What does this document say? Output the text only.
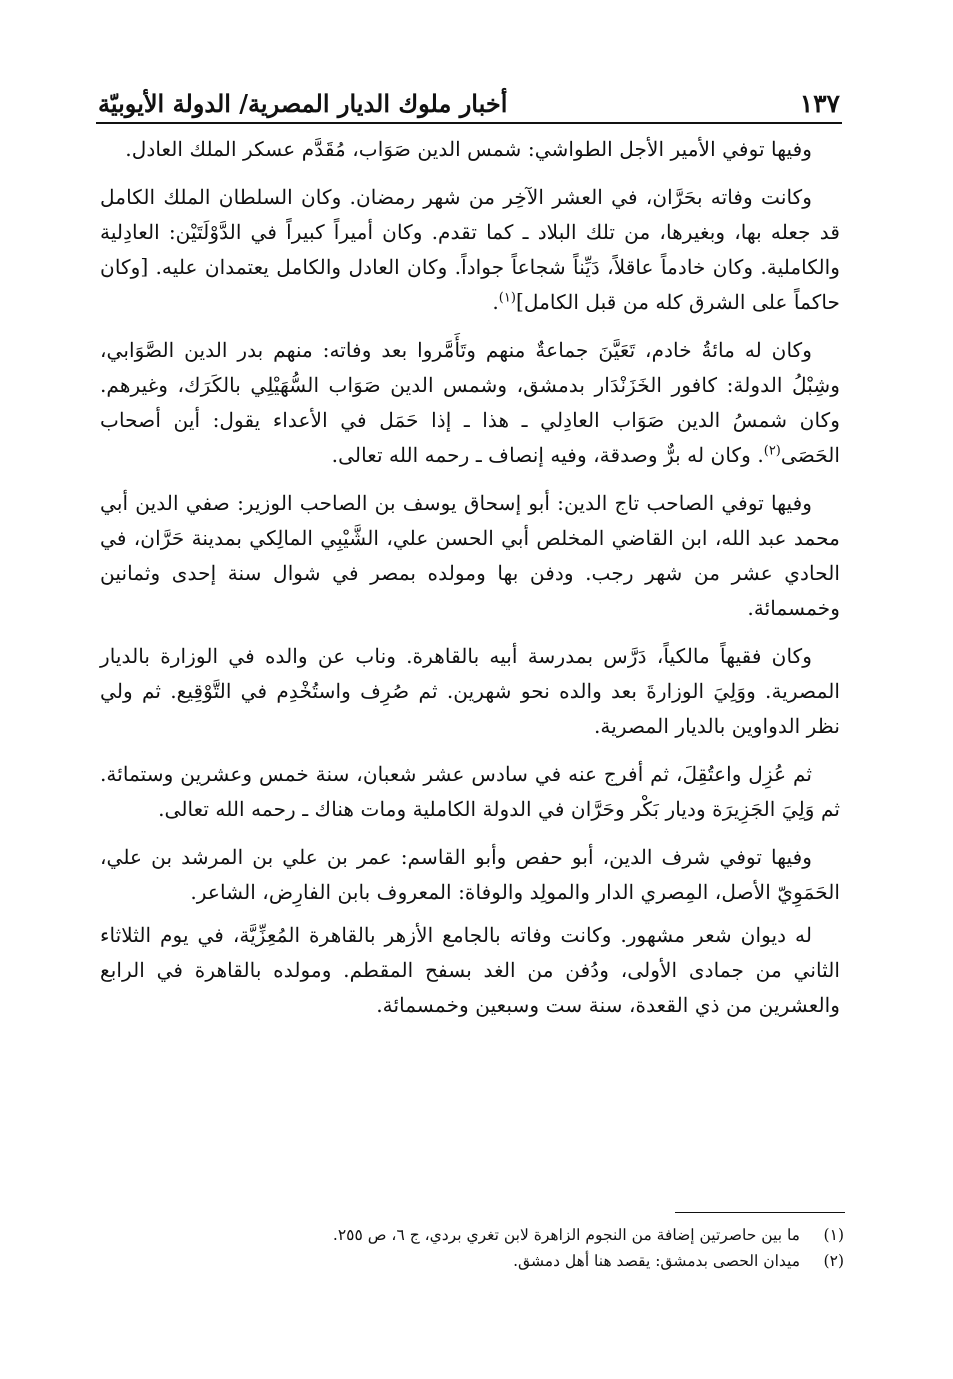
أخبار ملوك الديار المصرية/ الدولة الأيوبيّة	١٣٧

وفيها توفي الأمير الأجل الطواشي: شمس الدين صَوَاب، مُقَدَّم عسكر الملك العادل.

وكانت وفاته بحَرَّان، في العشر الآخِر من شهر رمضان. وكان السلطان الملك الكامل قد جعله بها، وبغيرها، من تلك البلاد ـ كما تقدم. وكان أميراً كبيراً في الدَّوْلَتَيْن: العادِلية والكاملية. وكان خادماً عاقلاً، دَيِّناً شجاعاً جواداً. وكان العادل والكامل يعتمدان عليه. [وكان حاكماً على الشرق كله من قبل الكامل]$^{(١)}$.

وكان له مائةُ خادم، تَعَيَّنَ جماعةٌ منهم وتَأَمَّروا بعد وفاته: منهم بدر الدين الصَّوَابي، وشِبْلُ الدولة: كافور الخَزَنْدَار بدمشق، وشمس الدين صَوَاب السُّهَيْلِي بالكَرَك، وغيرهم. وكان شمسُ الدين صَوَاب العادِلي ـ هذا ـ إذا حَمَل في الأعداء يقول: أين أصحاب الحَصَى$^{(٢)}$. وكان له برٌّ وصدقة، وفيه إنصاف ـ رحمه الله تعالى.

وفيها توفي الصاحب تاج الدين: أبو إسحاق يوسف بن الصاحب الوزير: صفي الدين أبي محمد عبد الله، ابن القاضي المخلص أبي الحسن علي، الشَّيْبِي المالِكي بمدينة حَرَّان، في الحادي عشر من شهر رجب. ودفن بها ومولده بمصر في شوال سنة إحدى وثمانين وخمسمائة.

وكان فقيهاً مالكياً، دَرَّس بمدرسة أبيه بالقاهرة. وناب عن والده في الوزارة بالديار المصرية. ووَلِيَ الوزارةَ بعد والده نحو شهرين. ثم صُرِف واستُخْدِم في التَّوْقِيع. ثم ولي نظر الدواوين بالديار المصرية.

ثم عُزِل واعتُقِلَ، ثم أفرج عنه في سادس عشر شعبان، سنة خمس وعشرين وستمائة. ثم وَلِيَ الجَزِيرَة وديار بَكْر وحَرَّان في الدولة الكاملية ومات هناك ـ رحمه الله تعالى.

وفيها توفي شرف الدين، أبو حفص وأبو القاسم: عمر بن علي بن المرشد بن علي، الحَمَوِيّ الأصل، المِصري الدار والمولِد والوفاة: المعروف بابن الفارِض، الشاعر.

له ديوان شعر مشهور. وكانت وفاته بالجامع الأزهر بالقاهرة المُعِزِّيَّة، في يوم الثلاثاء الثاني من جمادى الأولى، ودُفن من الغد بسفح المقطم. ومولده بالقاهرة في الرابع والعشرين من ذي القعدة، سنة ست وسبعين وخمسمائة.

(١)
ما بين حاصرتين إضافة من النجوم الزاهرة لابن تغري بردي، ج ٦، ص ٢٥٥.
(٢)
ميدان الحصى بدمشق: يقصد هنا أهل دمشق.
